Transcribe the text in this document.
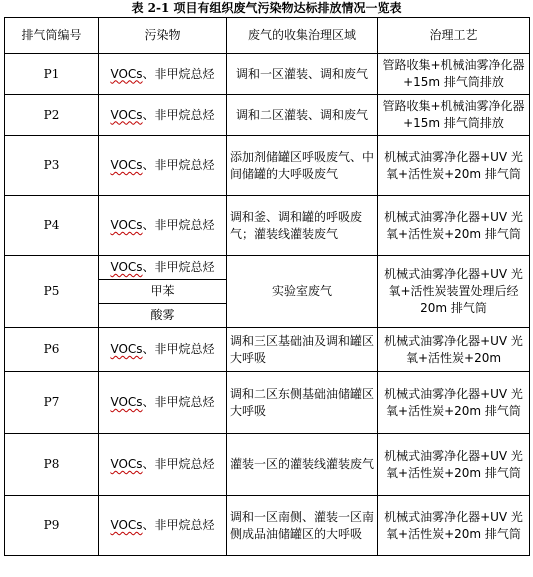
表 2-1 项目有组织废气污染物达标排放情况一览表
排气筒编号	污染物	废气的收集治理区域	治理工艺
P1	VOCs、非甲烷总烃	调和一区灌装、调和废气	管路收集+机械油雾净化器+15m 排气筒排放
P2	VOCs、非甲烷总烃	调和二区灌装、调和废气	管路收集+机械油雾净化器+15m 排气筒排放
P3	VOCs、非甲烷总烃	添加剂储罐区呼吸废气、中间储罐的大呼吸废气	机械式油雾净化器+UV 光氧+活性炭+20m 排气筒
P4	VOCs、非甲烷总烃	调和釜、调和罐的呼吸废气；灌装线灌装废气	机械式油雾净化器+UV 光氧+活性炭+20m 排气筒
P5	VOCs、非甲烷总烃	实验室废气	机械式油雾净化器+UV 光氧+活性炭装置处理后经 20m 排气筒
	甲苯		
	酸雾		
P6	VOCs、非甲烷总烃	调和三区基础油及调和罐区大呼吸	机械式油雾净化器+UV 光氧+活性炭+20m
P7	VOCs、非甲烷总烃	调和二区东侧基础油储罐区大呼吸	机械式油雾净化器+UV 光氧+活性炭+20m 排气筒
P8	VOCs、非甲烷总烃	灌装一区的灌装线灌装废气	机械式油雾净化器+UV 光氧+活性炭+20m 排气筒
P9	VOCs、非甲烷总烃	调和一区南侧、灌装一区南侧成品油储罐区的大呼吸	机械式油雾净化器+UV 光氧+活性炭+20m 排气筒
